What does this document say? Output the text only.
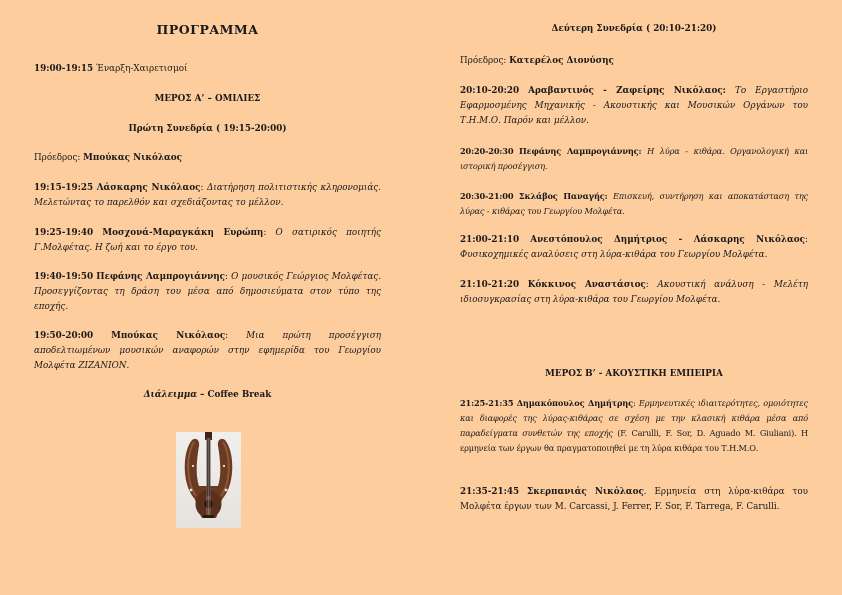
ΠΡΟΓΡΑΜΜΑ

19:00-19:15 Έναρξη-Χαιρετισμοί

ΜΕΡΟΣ Α’ – ΟΜΙΛΙΕΣ

Πρώτη Συνεδρία ( 19:15-20:00)

Πρόεδρος: Μπούκας Νικόλαος

19:15-19:25 Λάσκαρης Νικόλαος: Διατήρηση πολιτιστικής κληρονομιάς. Μελετώντας το παρελθόν και σχεδιάζοντας το μέλλον.

19:25-19:40 Μοσχονά-Μαραγκάκη Ευρώπη: Ο σατιρικός ποιητής Γ.Μολφέτας. Η ζωή και το έργο του.

19:40-19:50 Πεφάνης Λαμπρογιάννης: Ο μουσικός Γεώργιος Μολφέτας. Προσεγγίζοντας τη δράση του μέσα από δημοσιεύματα στον τύπο της εποχής.

19:50-20:00 Μπούκας Νικόλαος: Μια πρώτη προσέγγιση αποδελτιωμένων μουσικών αναφορών στην εφημερίδα του Γεωργίου Μολφέτα ΖΙΖΑΝΙΟΝ.

Διάλειμμα – Coffee Break

Δεύτερη Συνεδρία ( 20:10-21:20)

Πρόεδρος: Κατερέλος Διονύσης

20:10-20:20 Αραβαντινός - Ζαφείρης Νικόλαος: Το Εργαστήριο Εφαρμοσμένης Μηχανικής - Ακουστικής και Μουσικών Οργάνων του Τ.Η.Μ.Ο. Παρόν και μέλλον.

20:20-20:30 Πεφάνης Λαμπρογιάννης: Η λύρα - κιθάρα. Οργανολογική και ιστορική προσέγγιση.

20:30-21:00 Σκλάβος Παναγής: Επισκευή, συντήρηση και αποκατάσταση της λύρας - κιθάρας του Γεωργίου Μολφέτα.

21:00-21:10 Ανεστόπουλος Δημήτριος - Λάσκαρης Νικόλαος: Φυσικοχημικές αναλύσεις στη λύρα-κιθάρα του Γεωργίου Μολφέτα.

21:10-21:20 Κόκκινος Αναστάσιος: Ακουστική ανάλυση - Μελέτη ιδιοσυγκρασίας στη λύρα-κιθάρα του Γεωργίου Μολφέτα.

ΜΕΡΟΣ Β’ - ΑΚΟΥΣΤΙΚΗ ΕΜΠΕΙΡΙΑ

21:25-21:35 Δημακόπουλος Δημήτρης: Ερμηνευτικές ιδιαιτερότητες, ομοιότητες και διαφορές της λύρας-κιθάρας σε σχέση με την κλασική κιθάρα μέσα από παραδείγματα συνθετών της εποχής (F. Carulli, F. Sor, D. Aguado M. Giuliani). Η ερμηνεία των έργων θα πραγματοποιηθεί με τη λύρα κιθάρα του Τ.Η.Μ.Ο.

21:35-21:45 Σκερπανιάς Νικόλαος. Ερμηνεία στη λύρα-κιθάρα του Μολφέτα έργων των M. Carcassi, J. Ferrer, F. Sor, F. Tarrega, F. Carulli.
